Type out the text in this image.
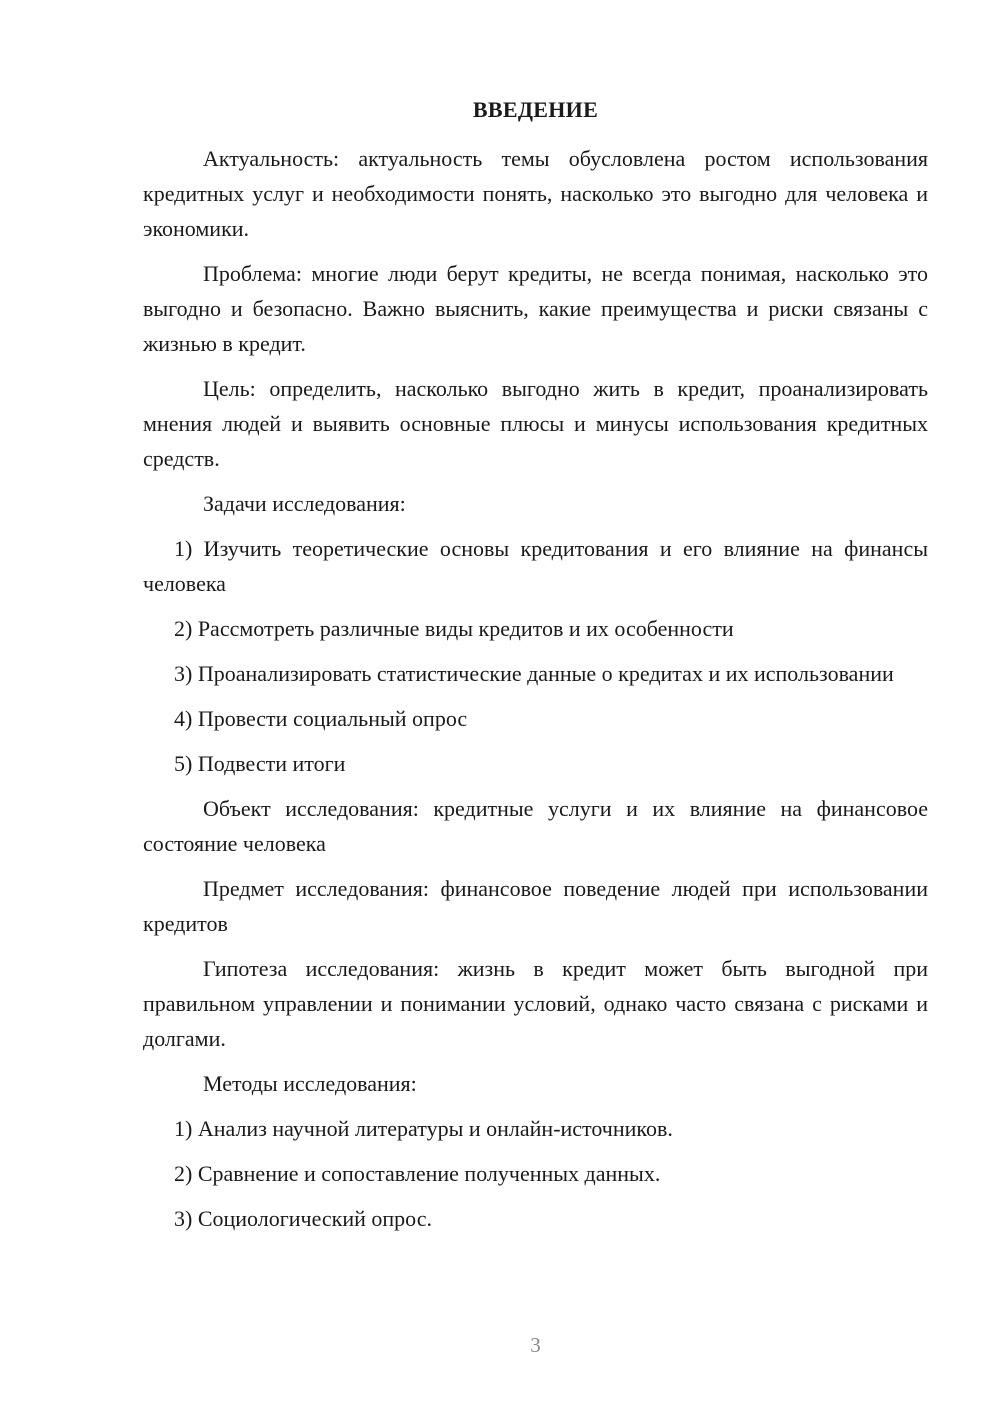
ВВЕДЕНИЕ

Актуальность: актуальность темы обусловлена ростом использования кредитных услуг и необходимости понять, насколько это выгодно для человека и экономики.

Проблема: многие люди берут кредиты, не всегда понимая, насколько это выгодно и безопасно. Важно выяснить, какие преимущества и риски связаны с жизнью в кредит.

Цель: определить, насколько выгодно жить в кредит, проанализировать мнения людей и выявить основные плюсы и минусы использования кредитных средств.

Задачи исследования:

1) Изучить теоретические основы кредитования и его влияние на финансы человека

2) Рассмотреть различные виды кредитов и их особенности

3) Проанализировать статистические данные о кредитах и их использовании

4) Провести социальный опрос

5) Подвести итоги

Объект исследования: кредитные услуги и их влияние на финансовое состояние человека

Предмет исследования: финансовое поведение людей при использовании кредитов

Гипотеза исследования: жизнь в кредит может быть выгодной при правильном управлении и понимании условий, однако часто связана с рисками и долгами.

Методы исследования:

1) Анализ научной литературы и онлайн-источников.

2) Сравнение и сопоставление полученных данных.

3) Социологический опрос.

3
